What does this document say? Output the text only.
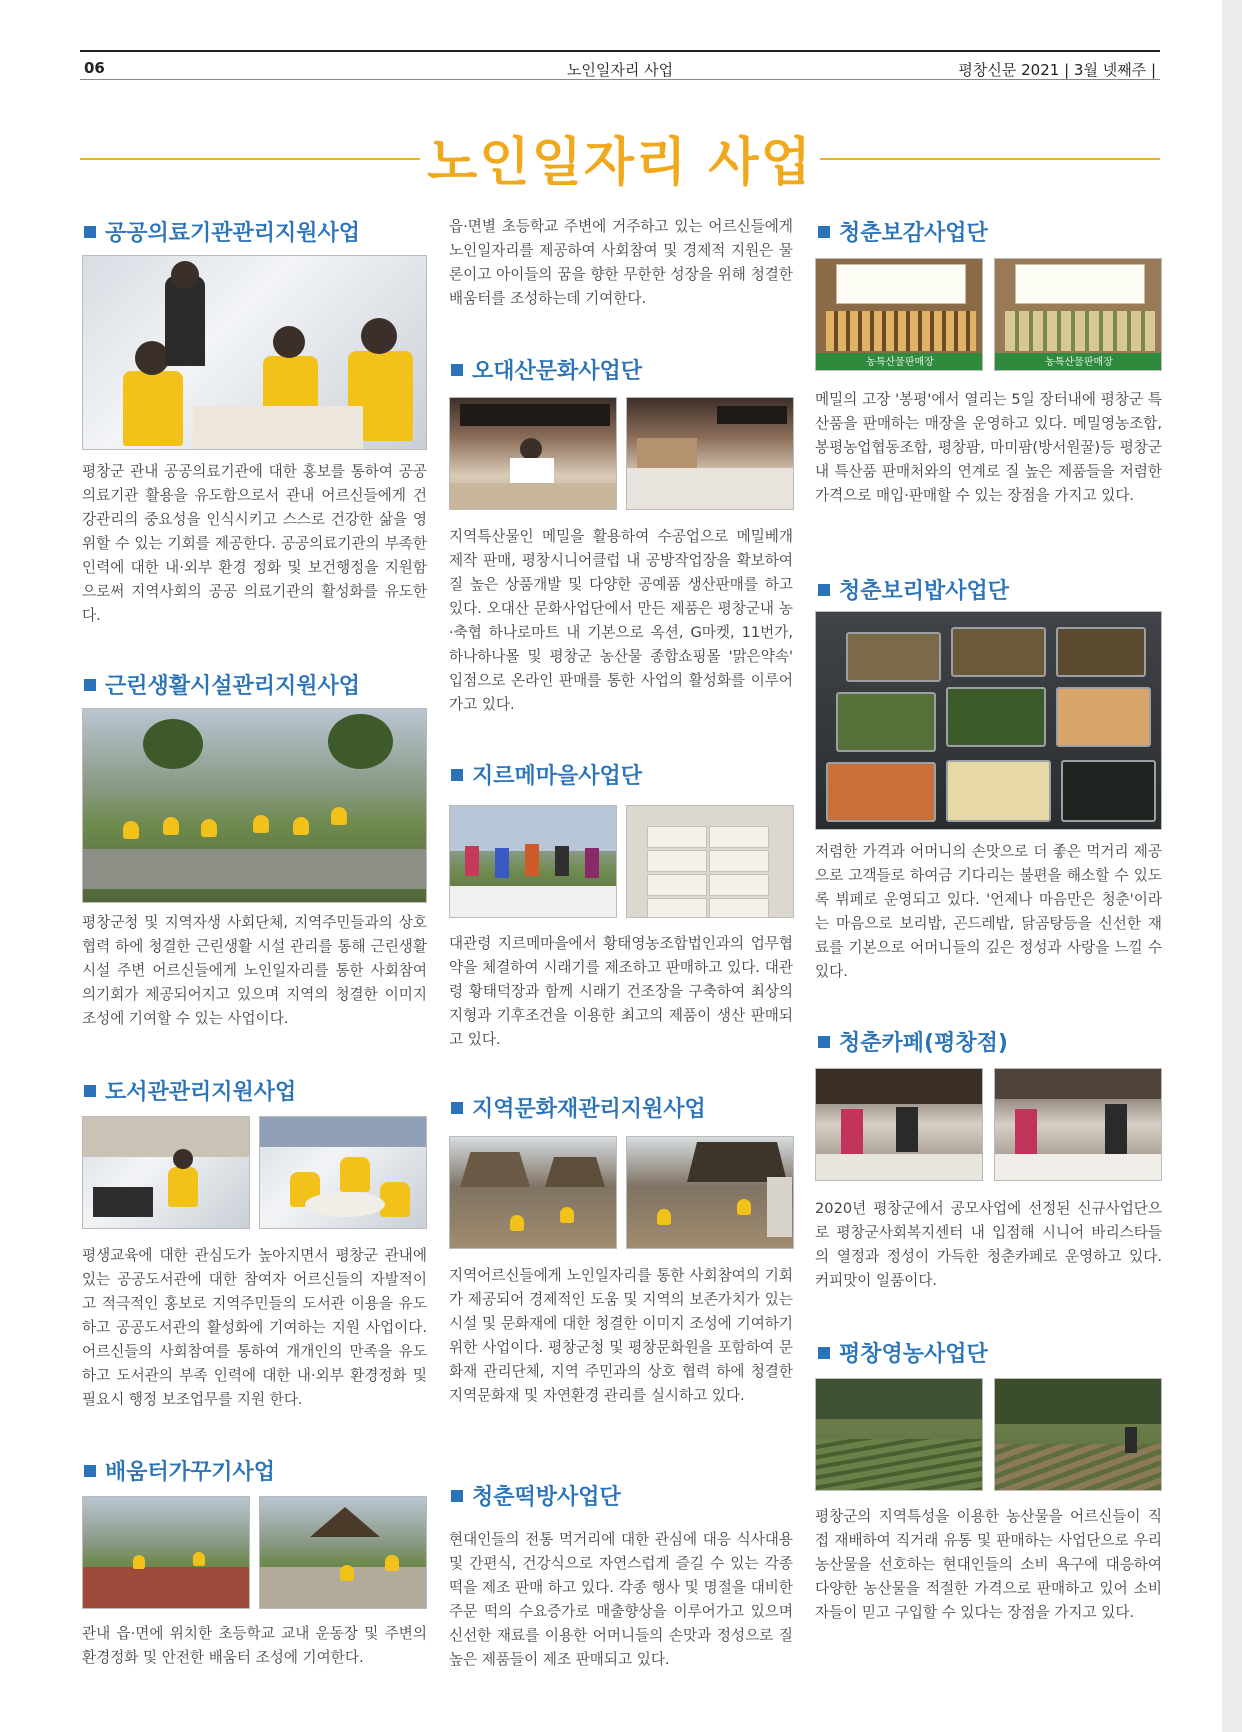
06	노인일자리 사업	평창신문 2021 | 3월 넷째주 |
노인일자리 사업
공공의료기관관리지원사업
평창군 관내 공공의료기관에 대한 홍보를 통하여 공공의료기관 활용을 유도함으로서 관내 어르신들에게 건강관리의 중요성을 인식시키고 스스로 건강한 삶을 영위할 수 있는 기회를 제공한다. 공공의료기관의 부족한 인력에 대한 내·외부 환경 정화 및 보건행정을 지원함으로써 지역사회의 공공 의료기관의 활성화를 유도한다.
근린생활시설관리지원사업
평창군청 및 지역자생 사회단체, 지역주민들과의 상호 협력 하에 청결한 근린생활 시설 관리를 통해 근린생활시설 주변 어르신들에게 노인일자리를 통한 사회참여의기회가 제공되어지고 있으며 지역의 청결한 이미지 조성에 기여할 수 있는 사업이다.
도서관관리지원사업
평생교육에 대한 관심도가 높아지면서 평창군 관내에 있는 공공도서관에 대한 참여자 어르신들의 자발적이고 적극적인 홍보로 지역주민들의 도서관 이용을 유도하고 공공도서관의 활성화에 기여하는 지원 사업이다. 어르신들의 사회참여를 통하여 개개인의 만족을 유도하고 도서관의 부족 인력에 대한 내·외부 환경정화 및 필요시 행정 보조업무를 지원 한다.
배움터가꾸기사업
관내 읍·면에 위치한 초등학교 교내 운동장 및 주변의 환경정화 및 안전한 배움터 조성에 기여한다.
읍·면별 초등학교 주변에 거주하고 있는 어르신들에게 노인일자리를 제공하여 사회참여 및 경제적 지원은 물론이고 아이들의 꿈을 향한 무한한 성장을 위해 청결한 배움터를 조성하는데 기여한다.
오대산문화사업단
지역특산물인 메밀을 활용하여 수공업으로 메밀베개 제작 판매, 평창시니어클럽 내 공방작업장을 확보하여 질 높은 상품개발 및 다양한 공예품 생산판매를 하고 있다. 오대산 문화사업단에서 만든 제품은 평창군내 농·축협 하나로마트 내 기본으로 옥션, G마켓, 11번가, 하나하나몰 및 평창군 농산물 종합쇼핑몰 '맑은약속' 입점으로 온라인 판매를 통한 사업의 활성화를 이루어가고 있다.
지르메마을사업단
대관령 지르메마을에서 황태영농조합법인과의 업무협약을 체결하여 시래기를 제조하고 판매하고 있다. 대관령 황태덕장과 함께 시래기 건조장을 구축하여 최상의 지형과 기후조건을 이용한 최고의 제품이 생산 판매되고 있다.
지역문화재관리지원사업
지역어르신들에게 노인일자리를 통한 사회참여의 기회가 제공되어 경제적인 도움 및 지역의 보존가치가 있는 시설 및 문화재에 대한 청결한 이미지 조성에 기여하기 위한 사업이다. 평창군청 및 평창문화원을 포함하여 문화재 관리단체, 지역 주민과의 상호 협력 하에 청결한 지역문화재 및 자연환경 관리를 실시하고 있다.
청춘떡방사업단
현대인들의 전통 먹거리에 대한 관심에 대응 식사대용 및 간편식, 건강식으로 자연스럽게 즐길 수 있는 각종 떡을 제조 판매 하고 있다. 각종 행사 및 명절을 대비한 주문 떡의 수요증가로 매출향상을 이루어가고 있으며 신선한 재료를 이용한 어머니들의 손맛과 정성으로 질 높은 제품들이 제조 판매되고 있다.
청춘보감사업단
농특산물판매장	농특산물판매장
메밀의 고장 '봉평'에서 열리는 5일 장터내에 평창군 특산품을 판매하는 매장을 운영하고 있다. 메밀영농조합, 봉평농업협동조합, 평창팜, 마미팜(방서원꿀)등 평창군내 특산품 판매처와의 연계로 질 높은 제품들을 저렴한 가격으로 매입·판매할 수 있는 장점을 가지고 있다.
청춘보리밥사업단
저렴한 가격과 어머니의 손맛으로 더 좋은 먹거리 제공으로 고객들로 하여금 기다리는 불편을 해소할 수 있도록 뷔페로 운영되고 있다. '언제나 마음만은 청춘'이라는 마음으로 보리밥, 곤드레밥, 닭곰탕등을 신선한 재료를 기본으로 어머니들의 깊은 정성과 사랑을 느낄 수 있다.
청춘카페(평창점)
2020년 평창군에서 공모사업에 선정된 신규사업단으로 평창군사회복지센터 내 입점해 시니어 바리스타들의 열정과 정성이 가득한 청춘카페로 운영하고 있다. 커피맛이 일품이다.
평창영농사업단
평창군의 지역특성을 이용한 농산물을 어르신들이 직접 재배하여 직거래 유통 및 판매하는 사업단으로 우리 농산물을 선호하는 현대인들의 소비 욕구에 대응하여 다양한 농산물을 적절한 가격으로 판매하고 있어 소비자들이 믿고 구입할 수 있다는 장점을 가지고 있다.
